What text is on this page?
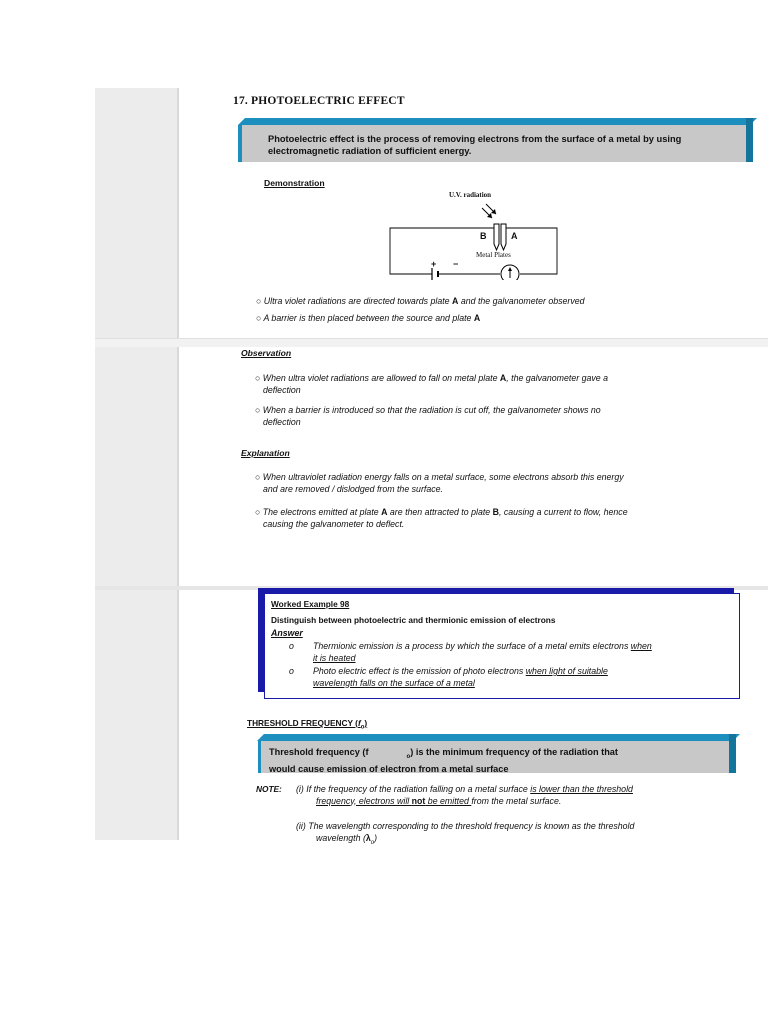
17. PHOTOELECTRIC EFFECT
Photoelectric effect is the process of removing electrons from the surface of a metal by using electromagnetic radiation of sufficient energy.
Demonstration
U.V. radiation
B	A
Metal Plates
+ −
○ Ultra violet radiations are directed towards plate A and the galvanometer observed
○ A barrier is then placed between the source and plate A
Observation
○ When ultra violet radiations are allowed to fall on metal plate A, the galvanometer gave a
deflection
○ When a barrier is introduced so that the radiation is cut off, the galvanometer shows no
deflection
Explanation
○ When ultraviolet radiation energy falls on a metal surface, some electrons absorb this energy
and are removed / dislodged from the surface.
○ The electrons emitted at plate A are then attracted to plate B, causing a current to flow, hence
causing the galvanometer to deflect.
Worked Example 98
Distinguish between photoelectric and thermionic emission of electrons
Answer
o	Thermionic emission is a process by which the surface of a metal emits electrons when
it is heated
o	Photo electric effect is the emission of photo electrons when light of suitable
wavelength falls on the surface of a metal
THRESHOLD FREQUENCY $(f_o)$
Threshold frequency (f	$_o$) is the minimum frequency of the radiation that
would cause emission of electron from a metal surface
NOTE: (i) If the frequency of the radiation falling on a metal surface is lower than the threshold
frequency, electrons will not be emitted from the metal surface.
(ii) The wavelength corresponding to the threshold frequency is known as the threshold
wavelength $(\lambda_o)$
